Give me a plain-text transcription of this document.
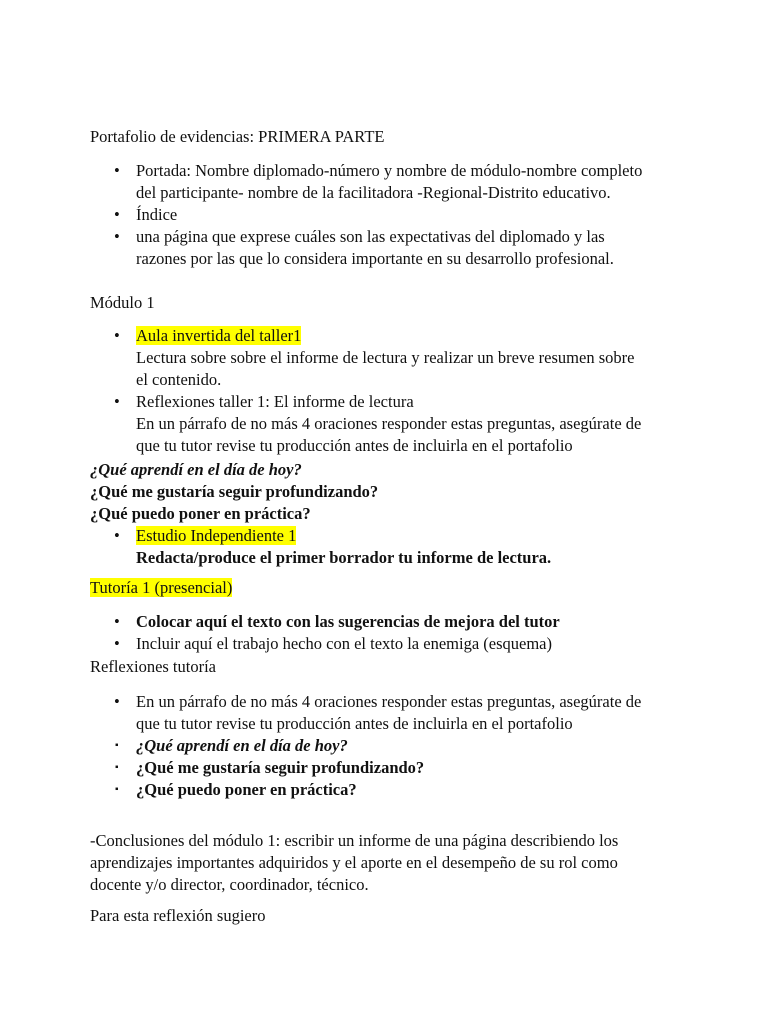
Portafolio de evidencias: PRIMERA PARTE

• Portada: Nombre diplomado-número y nombre de módulo-nombre completo
del participante- nombre de la facilitadora -Regional-Distrito educativo.
• Índice
• una página que exprese cuáles son las expectativas del diplomado y las
razones por las que lo considera importante en su desarrollo profesional.

Módulo 1

• Aula invertida del taller1
Lectura sobre sobre el informe de lectura y realizar un breve resumen sobre
el contenido.
• Reflexiones taller 1: El informe de lectura
En un párrafo de no más 4 oraciones responder estas preguntas, asegúrate de
que tu tutor revise tu producción antes de incluirla en el portafolio

¿Qué aprendí en el día de hoy?

¿Qué me gustaría seguir profundizando?

¿Qué puedo poner en práctica?

• Estudio Independiente 1
Redacta/produce el primer borrador tu informe de lectura.

Tutoría 1 (presencial)

• Colocar aquí el texto con las sugerencias de mejora del tutor
• Incluir aquí el trabajo hecho con el texto la enemiga (esquema)

Reflexiones tutoría

• En un párrafo de no más 4 oraciones responder estas preguntas, asegúrate de
que tu tutor revise tu producción antes de incluirla en el portafolio
▪ ¿Qué aprendí en el día de hoy?
▪ ¿Qué me gustaría seguir profundizando?
▪ ¿Qué puedo poner en práctica?

-Conclusiones del módulo 1: escribir un informe de una página describiendo los

aprendizajes importantes adquiridos y el aporte en el desempeño de su rol como

docente y/o director, coordinador, técnico.

Para esta reflexión sugiero
